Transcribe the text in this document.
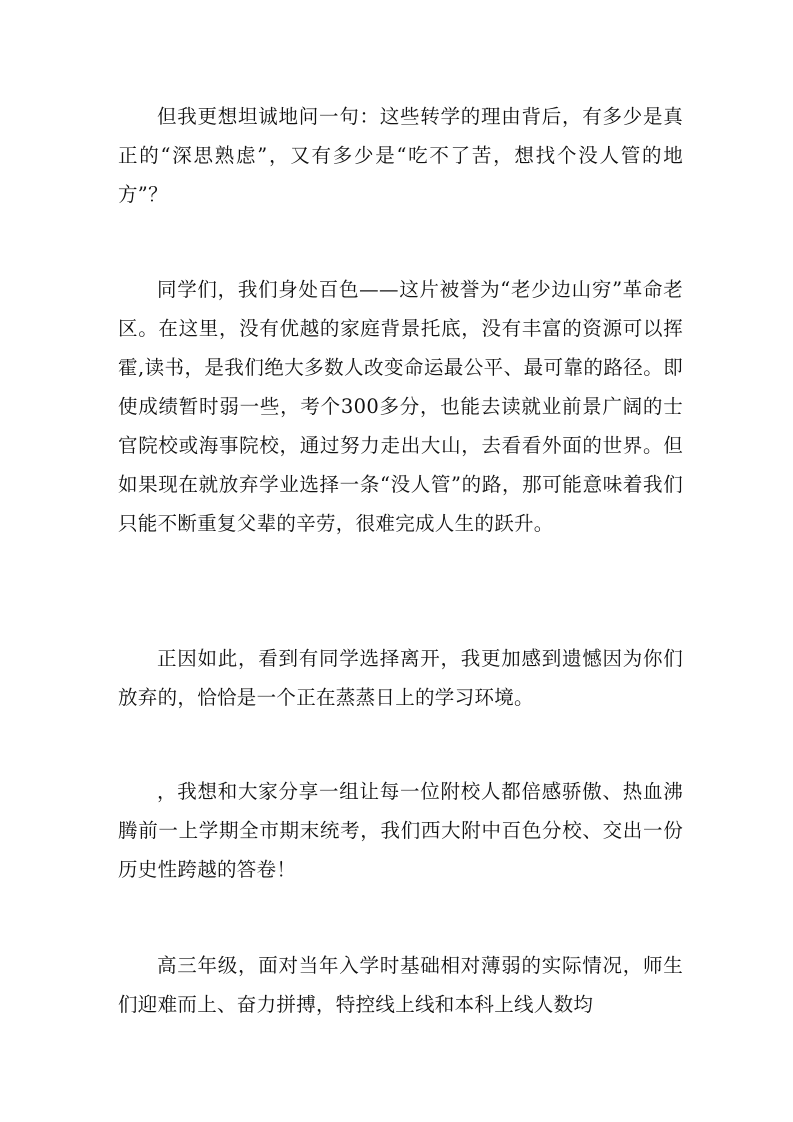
但我更想坦诚地问一句：这些转学的理由背后，有多少是真正的“深思熟虑”，又有多少是“吃不了苦，想找个没人管的地方”？

同学们，我们身处百色——这片被誉为“老少边山穷”革命老区。在这里，没有优越的家庭背景托底，没有丰富的资源可以挥霍,读书，是我们绝大多数人改变命运最公平、最可靠的路径。即使成绩暂时弱一些，考个300多分，也能去读就业前景广阔的士官院校或海事院校，通过努力走出大山，去看看外面的世界。但如果现在就放弃学业选择一条“没人管”的路，那可能意味着我们只能不断重复父辈的辛劳，很难完成人生的跃升。

正因如此，看到有同学选择离开，我更加感到遗憾因为你们放弃的，恰恰是一个正在蒸蒸日上的学习环境。

，我想和大家分享一组让每一位附校人都倍感骄傲、热血沸腾前一上学期全市期末统考，我们西大附中百色分校、交出一份历史性跨越的答卷！

高三年级，面对当年入学时基础相对薄弱的实际情况，师生们迎难而上、奋力拼搏，特控线上线和本科上线人数均
